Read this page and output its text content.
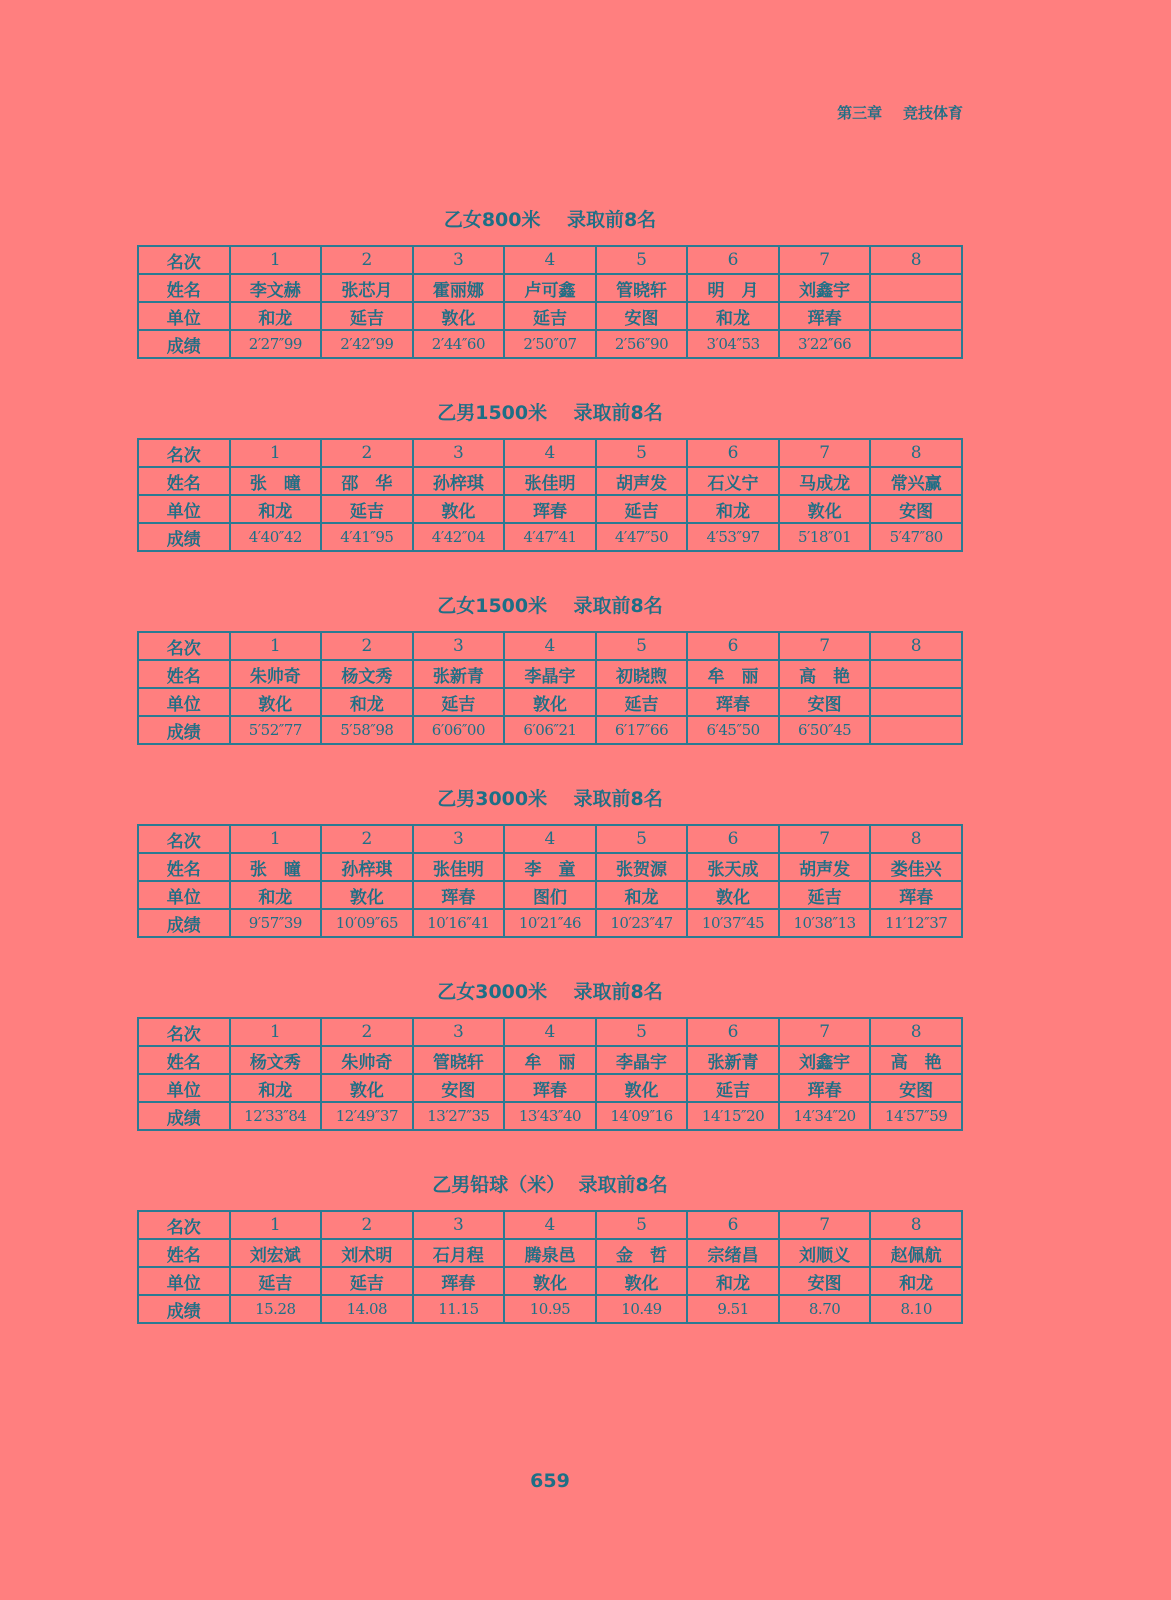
第三章    竞技体育
乙女800米    录取前8名
名次	1	2	3	4	5	6	7	8
姓名	李文赫	张芯月	霍丽娜	卢可鑫	管晓轩	明　月	刘鑫宇	
单位	和龙	延吉	敦化	延吉	安图	和龙	珲春	
成绩	2′27″99	2′42″99	2′44″60	2′50″07	2′56″90	3′04″53	3′22″66	
乙男1500米    录取前8名
名次	1	2	3	4	5	6	7	8
姓名	张　曈	邵　华	孙梓琪	张佳明	胡声发	石义宁	马成龙	常兴赢
单位	和龙	延吉	敦化	珲春	延吉	和龙	敦化	安图
成绩	4′40″42	4′41″95	4′42″04	4′47″41	4′47″50	4′53″97	5′18″01	5′47″80
乙女1500米    录取前8名
名次	1	2	3	4	5	6	7	8
姓名	朱帅奇	杨文秀	张新青	李晶宇	初晓煦	牟　丽	高　艳	
单位	敦化	和龙	延吉	敦化	延吉	珲春	安图	
成绩	5′52″77	5′58″98	6′06″00	6′06″21	6′17″66	6′45″50	6′50″45	
乙男3000米    录取前8名
名次	1	2	3	4	5	6	7	8
姓名	张　曈	孙梓琪	张佳明	李　童	张贺源	张天成	胡声发	娄佳兴
单位	和龙	敦化	珲春	图们	和龙	敦化	延吉	珲春
成绩	9′57″39	10′09″65	10′16″41	10′21″46	10′23″47	10′37″45	10′38″13	11′12″37
乙女3000米    录取前8名
名次	1	2	3	4	5	6	7	8
姓名	杨文秀	朱帅奇	管晓轩	牟　丽	李晶宇	张新青	刘鑫宇	高　艳
单位	和龙	敦化	安图	珲春	敦化	延吉	珲春	安图
成绩	12′33″84	12′49″37	13′27″35	13′43″40	14′09″16	14′15″20	14′34″20	14′57″59
乙男铅球（米）  录取前8名
名次	1	2	3	4	5	6	7	8
姓名	刘宏斌	刘术明	石月程	腾泉邑	金　哲	宗绪昌	刘顺义	赵佩航
单位	延吉	延吉	珲春	敦化	敦化	和龙	安图	和龙
成绩	15.28	14.08	11.15	10.95	10.49	9.51	8.70	8.10
659
